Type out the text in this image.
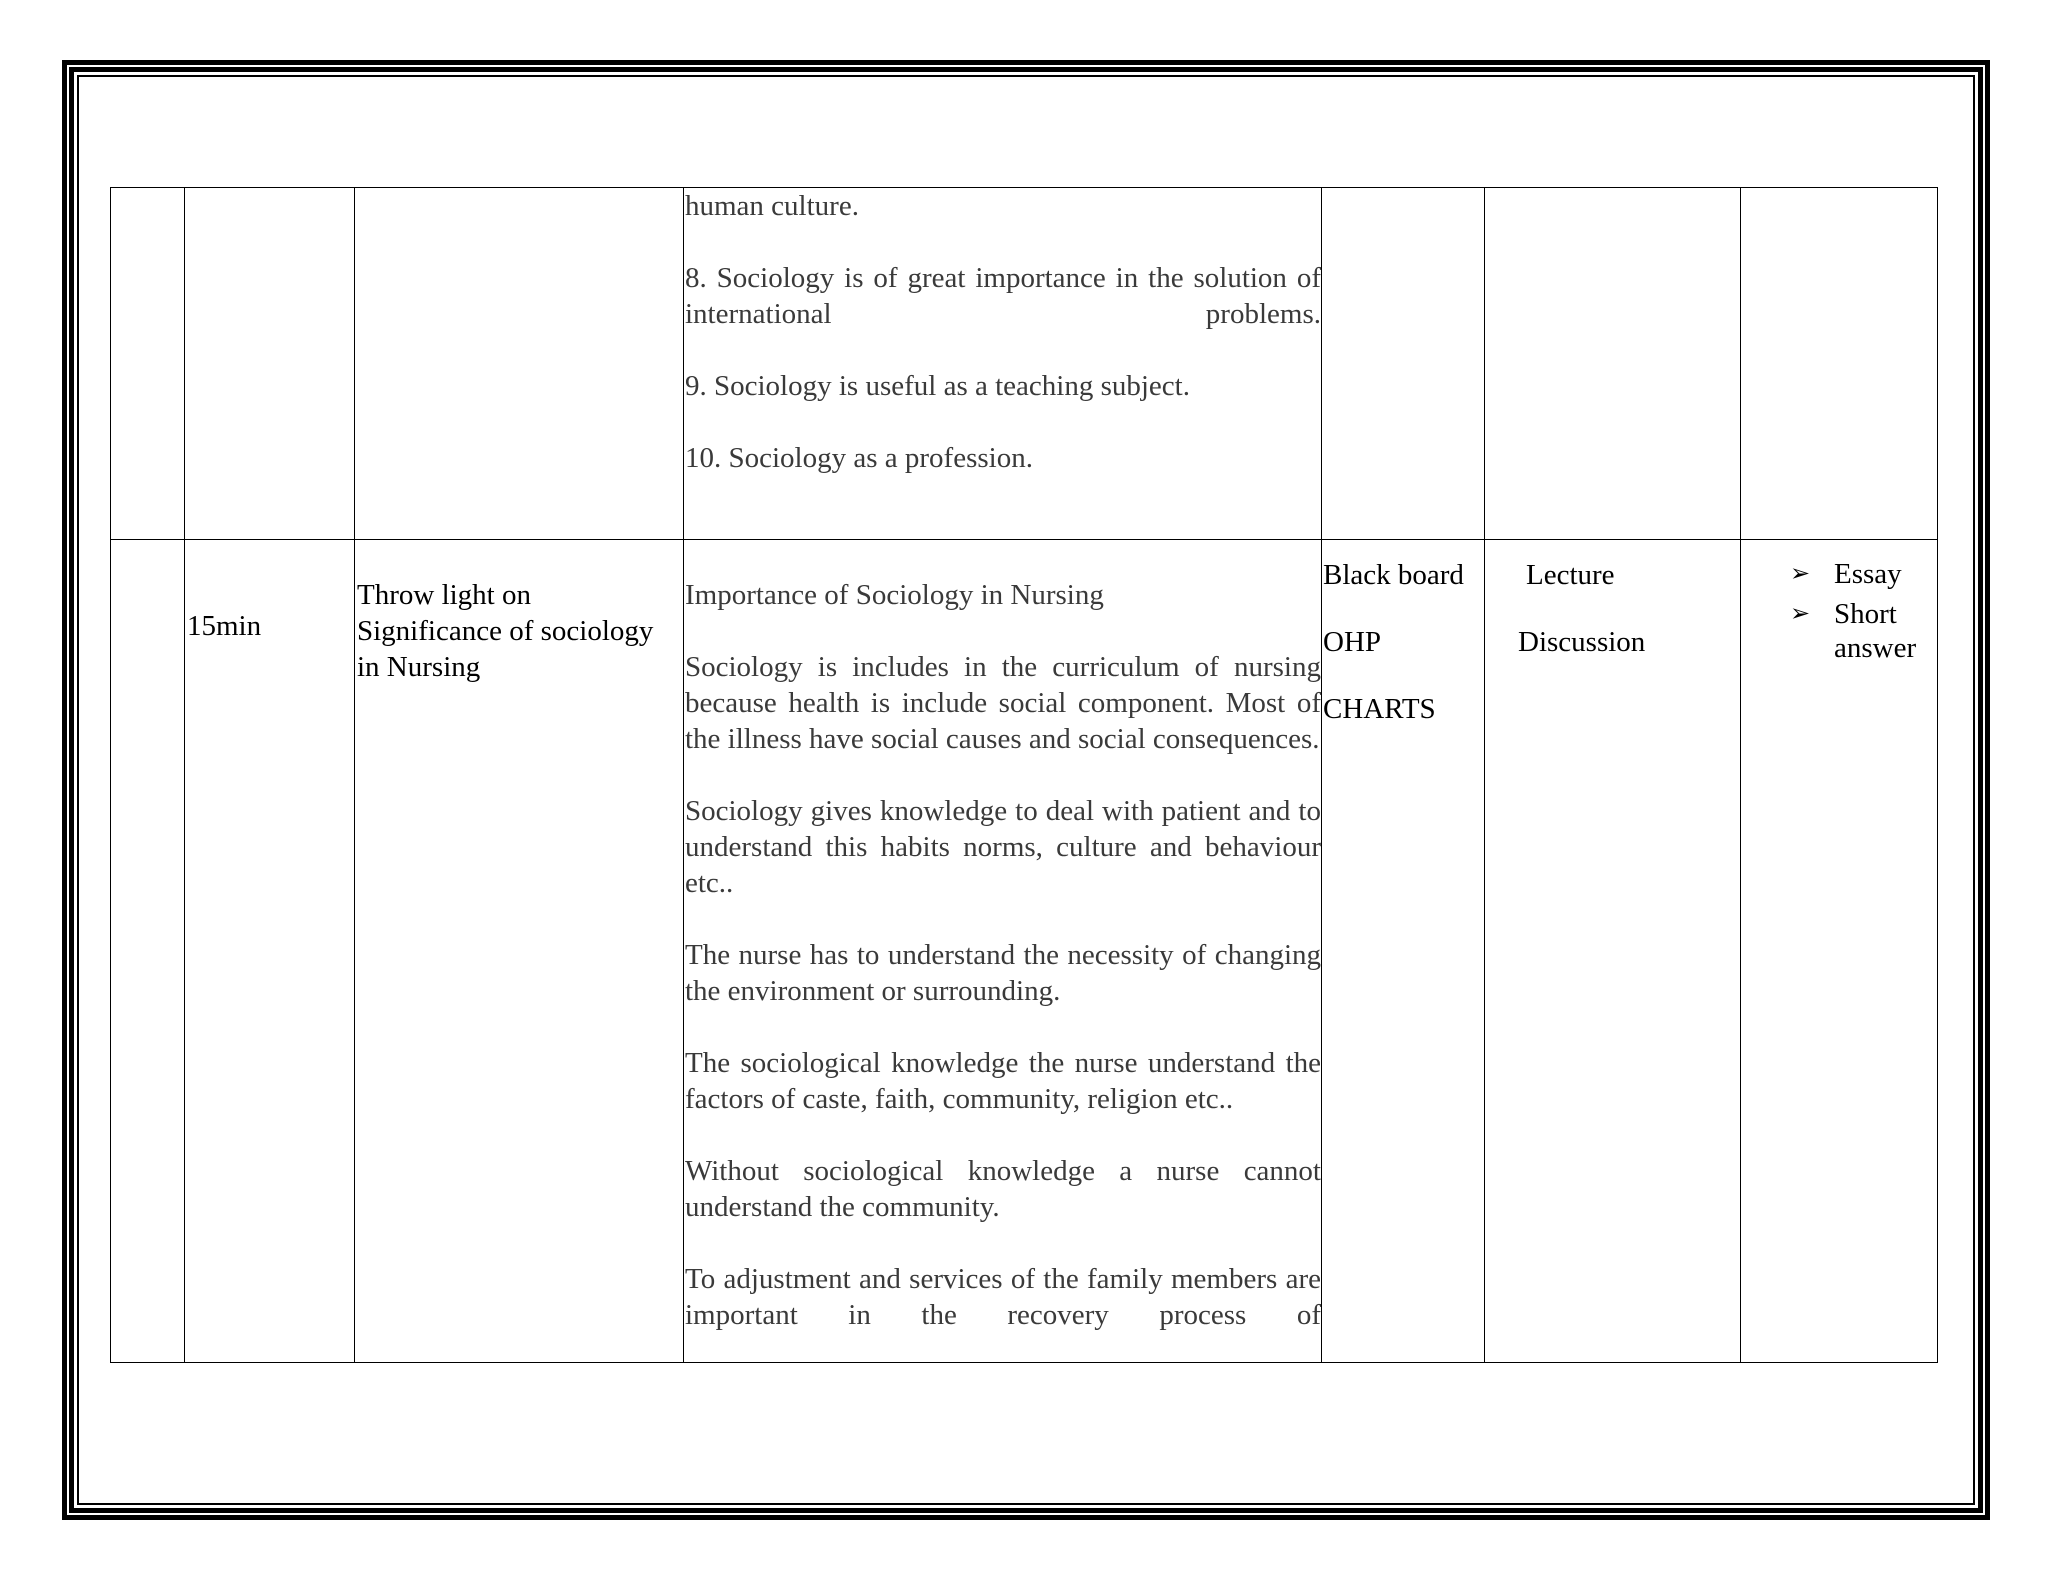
human culture.

8. Sociology is of great importance in the solution of international problems.

9. Sociology is useful as a teaching subject.

10. Sociology as a profession.

15min
Throw light on Significance of sociology in Nursing

Importance of Sociology in Nursing

Sociology is includes in the curriculum of nursing because health is include social component. Most of the illness have social causes and social consequences.

Sociology gives knowledge to deal with patient and to understand this habits norms, culture and behaviour etc..

The nurse has to understand the necessity of changing the environment or surrounding.

The sociological knowledge the nurse understand the factors of caste, faith, community, religion etc..

Without sociological knowledge a nurse cannot understand the community.

To adjustment and services of the family members are important in the recovery process of

Black board

OHP

CHARTS

Lecture

Discussion

➢ Essay
➢ Short answer
